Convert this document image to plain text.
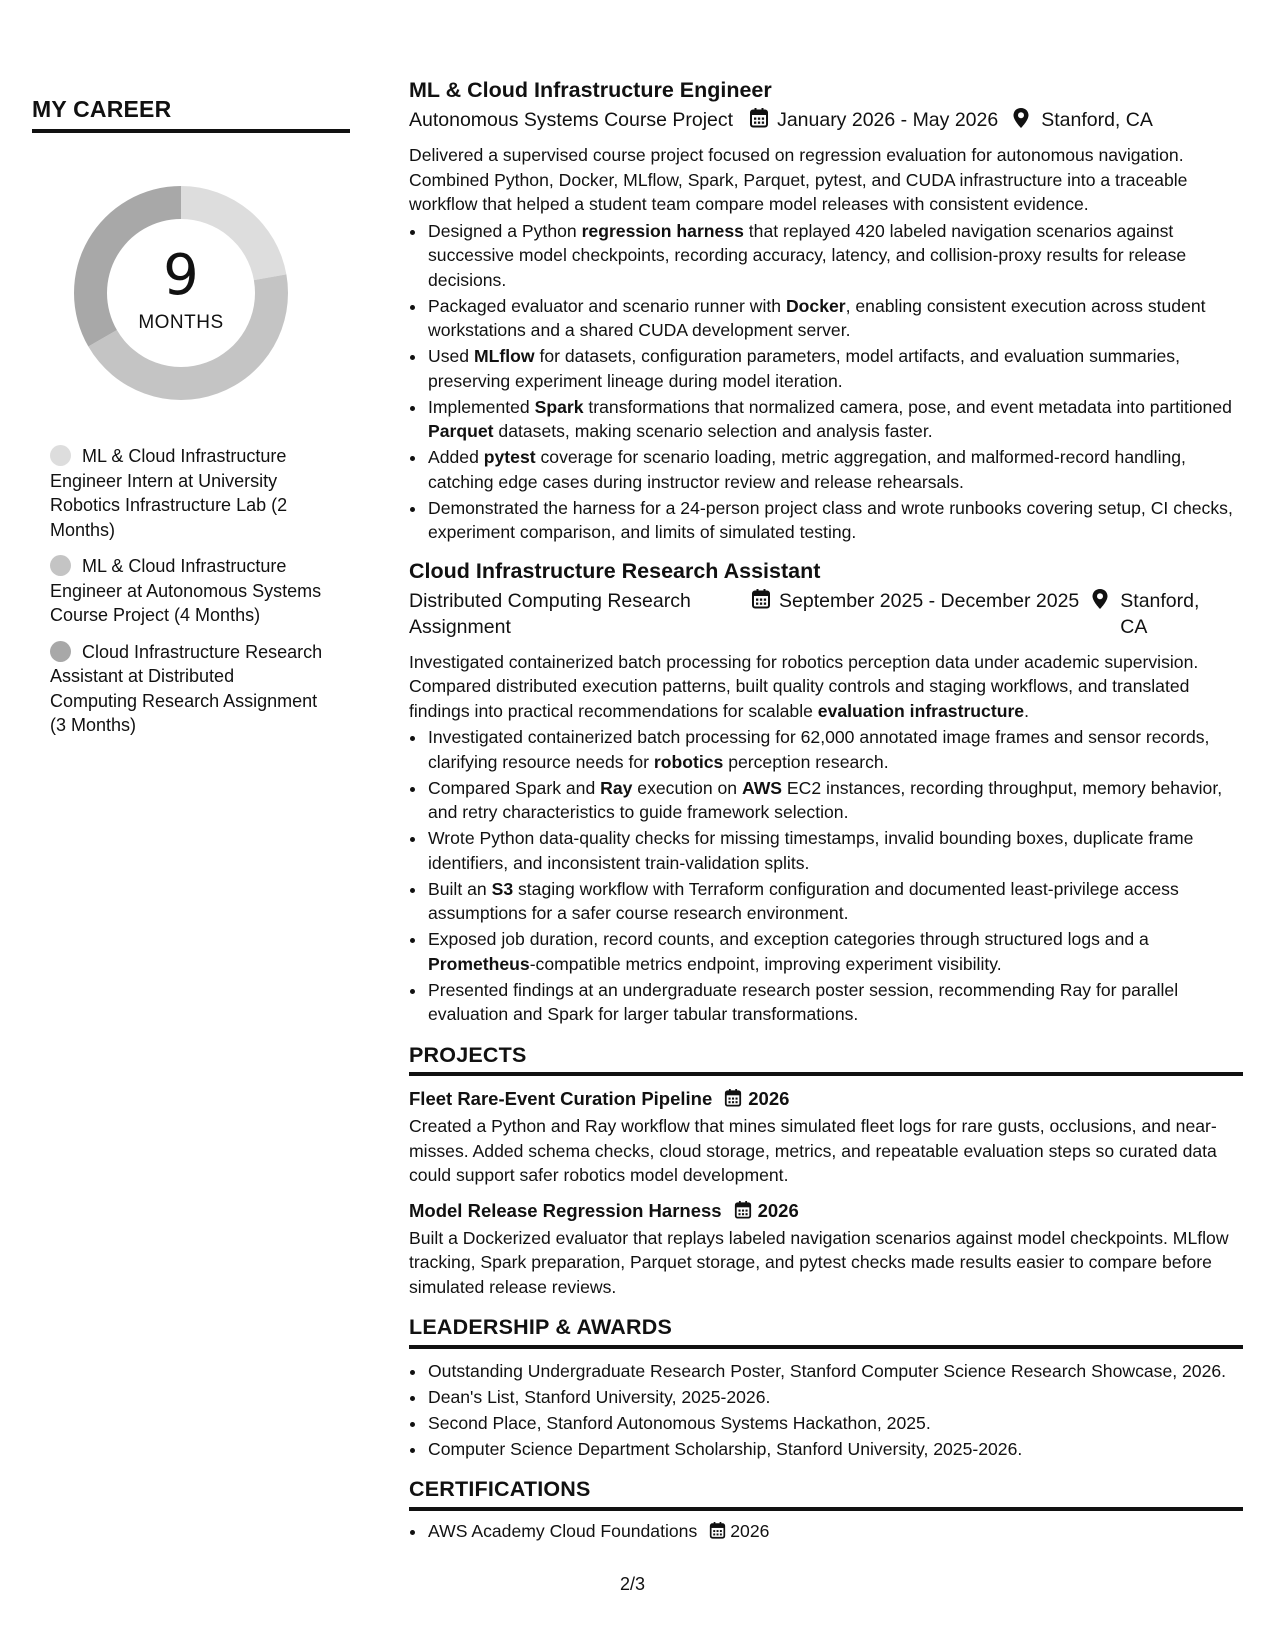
MY CAREER
9
MONTHS
ML & Cloud Infrastructure Engineer Intern at University Robotics Infrastructure Lab (2 Months)
ML & Cloud Infrastructure Engineer at Autonomous Systems Course Project (4 Months)
Cloud Infrastructure Research Assistant at Distributed Computing Research Assignment (3 Months)
ML & Cloud Infrastructure Engineer
Autonomous Systems Course Project January 2026 - May 2026 Stanford, CA
Delivered a supervised course project focused on regression evaluation for autonomous navigation. Combined Python, Docker, MLflow, Spark, Parquet, pytest, and CUDA infrastructure into a traceable workflow that helped a student team compare model releases with consistent evidence.
• Designed a Python regression harness that replayed 420 labeled navigation scenarios against successive model checkpoints, recording accuracy, latency, and collision-proxy results for release decisions.
• Packaged evaluator and scenario runner with Docker, enabling consistent execution across student workstations and a shared CUDA development server.
• Used MLflow for datasets, configuration parameters, model artifacts, and evaluation summaries, preserving experiment lineage during model iteration.
• Implemented Spark transformations that normalized camera, pose, and event metadata into partitioned Parquet datasets, making scenario selection and analysis faster.
• Added pytest coverage for scenario loading, metric aggregation, and malformed-record handling, catching edge cases during instructor review and release rehearsals.
• Demonstrated the harness for a 24-person project class and wrote runbooks covering setup, CI checks, experiment comparison, and limits of simulated testing.
Cloud Infrastructure Research Assistant
Distributed Computing Research Assignment
September 2025 - December 2025 Stanford, CA
Investigated containerized batch processing for robotics perception data under academic supervision. Compared distributed execution patterns, built quality controls and staging workflows, and translated findings into practical recommendations for scalable evaluation infrastructure.
• Investigated containerized batch processing for 62,000 annotated image frames and sensor records, clarifying resource needs for robotics perception research.
• Compared Spark and Ray execution on AWS EC2 instances, recording throughput, memory behavior, and retry characteristics to guide framework selection.
• Wrote Python data-quality checks for missing timestamps, invalid bounding boxes, duplicate frame identifiers, and inconsistent train-validation splits.
• Built an S3 staging workflow with Terraform configuration and documented least-privilege access assumptions for a safer course research environment.
• Exposed job duration, record counts, and exception categories through structured logs and a Prometheus-compatible metrics endpoint, improving experiment visibility.
• Presented findings at an undergraduate research poster session, recommending Ray for parallel evaluation and Spark for larger tabular transformations.
PROJECTS
Fleet Rare-Event Curation Pipeline 2026
Created a Python and Ray workflow that mines simulated fleet logs for rare gusts, occlusions, and near-misses. Added schema checks, cloud storage, metrics, and repeatable evaluation steps so curated data could support safer robotics model development.
Model Release Regression Harness 2026
Built a Dockerized evaluator that replays labeled navigation scenarios against model checkpoints. MLflow tracking, Spark preparation, Parquet storage, and pytest checks made results easier to compare before simulated release reviews.
LEADERSHIP & AWARDS
• Outstanding Undergraduate Research Poster, Stanford Computer Science Research Showcase, 2026.
• Dean's List, Stanford University, 2025-2026.
• Second Place, Stanford Autonomous Systems Hackathon, 2025.
• Computer Science Department Scholarship, Stanford University, 2025-2026.
CERTIFICATIONS
• AWS Academy Cloud Foundations 2026
2/3
